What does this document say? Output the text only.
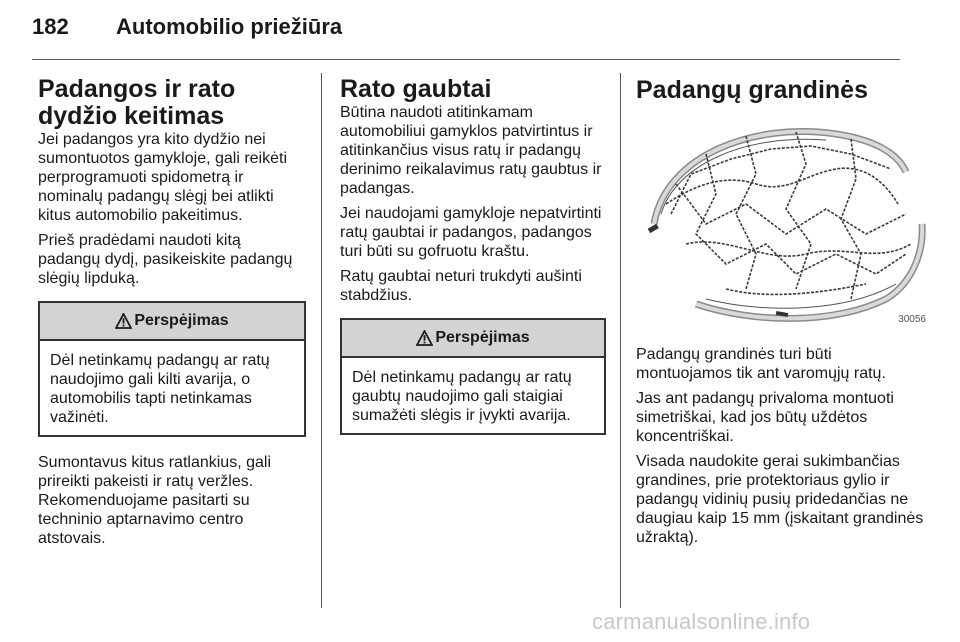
182 Automobilio priežiūra
Padangos ir rato dydžio keitimas

Jei padangos yra kito dydžio nei sumontuotos gamykloje, gali reikėti perprogramuoti spidometrą ir nominalų padangų slėgį bei atlikti kitus automobilio pakeitimus.

Prieš pradėdami naudoti kitą padangų dydį, pasikeiskite padangų slėgių lipduką.

Perspėjimas
Dėl netinkamų padangų ar ratų naudojimo gali kilti avarija, o automobilis tapti netinkamas važinėti.

Sumontavus kitus ratlankius, gali prireikti pakeisti ir ratų veržles. Rekomenduojame pasitarti su techninio aptarnavimo centro atstovais.

Rato gaubtai

Būtina naudoti atitinkamam automobiliui gamyklos patvirtintus ir atitinkančius visus ratų ir padangų derinimo reikalavimus ratų gaubtus ir padangas.

Jei naudojami gamykloje nepatvirtinti ratų gaubtai ir padangos, padangos turi būti su gofruotu kraštu.

Ratų gaubtai neturi trukdyti aušinti stabdžius.

Perspėjimas
Dėl netinkamų padangų ar ratų gaubtų naudojimo gali staigiai sumažėti slėgis ir įvykti avarija.
Padangų grandinės
30056

Padangų grandinės turi būti montuojamos tik ant varomųjų ratų.

Jas ant padangų privaloma montuoti simetriškai, kad jos būtų uždėtos koncentriškai.

Visada naudokite gerai sukimbančias grandines, prie protektoriaus gylio ir padangų vidinių pusių pridedančias ne daugiau kaip 15 mm (įskaitant grandinės užraktą).

carmanualsonline.info
